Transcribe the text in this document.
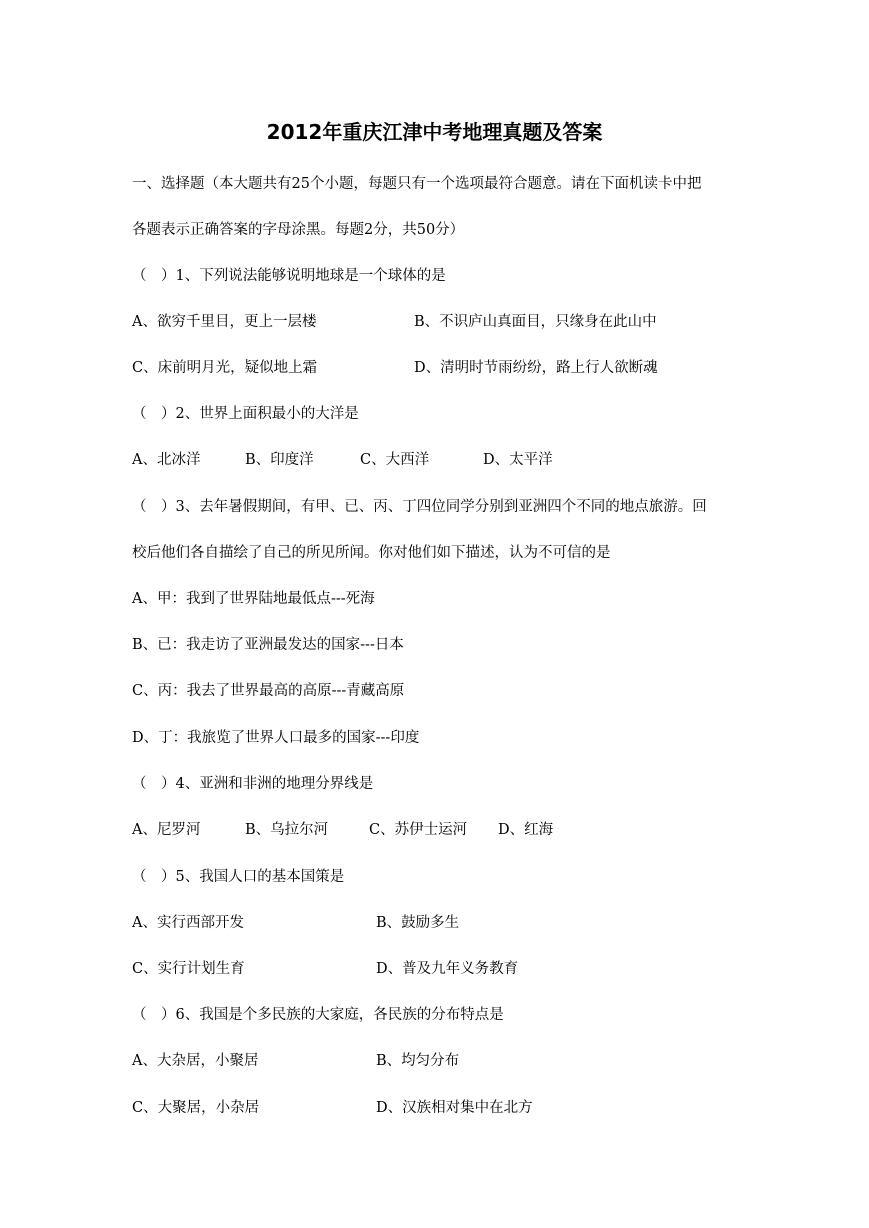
2012年重庆江津中考地理真题及答案
一、选择题（本大题共有25个小题，每题只有一个选项最符合题意。请在下面机读卡中把
各题表示正确答案的字母涂黑。每题2分，共50分）
（　）1、下列说法能够说明地球是一个球体的是
A、欲穷千里目，更上一层楼	B、不识庐山真面目，只缘身在此山中
C、床前明月光，疑似地上霜	D、清明时节雨纷纷，路上行人欲断魂
（　）2、世界上面积最小的大洋是
A、北冰洋	B、印度洋	C、大西洋	D、太平洋
（　）3、去年暑假期间，有甲、已、丙、丁四位同学分别到亚洲四个不同的地点旅游。回
校后他们各自描绘了自己的所见所闻。你对他们如下描述，认为不可信的是
A、甲：我到了世界陆地最低点---死海
B、已：我走访了亚洲最发达的国家---日本
C、丙：我去了世界最高的高原---青藏高原
D、丁：我旅览了世界人口最多的国家---印度
（　）4、亚洲和非洲的地理分界线是
A、尼罗河	B、乌拉尔河	C、苏伊士运河 D、红海
（　）5、我国人口的基本国策是
A、实行西部开发	B、鼓励多生
C、实行计划生育	D、普及九年义务教育
（　）6、我国是个多民族的大家庭，各民族的分布特点是
A、大杂居，小聚居	B、均匀分布
C、大聚居，小杂居	D、汉族相对集中在北方
